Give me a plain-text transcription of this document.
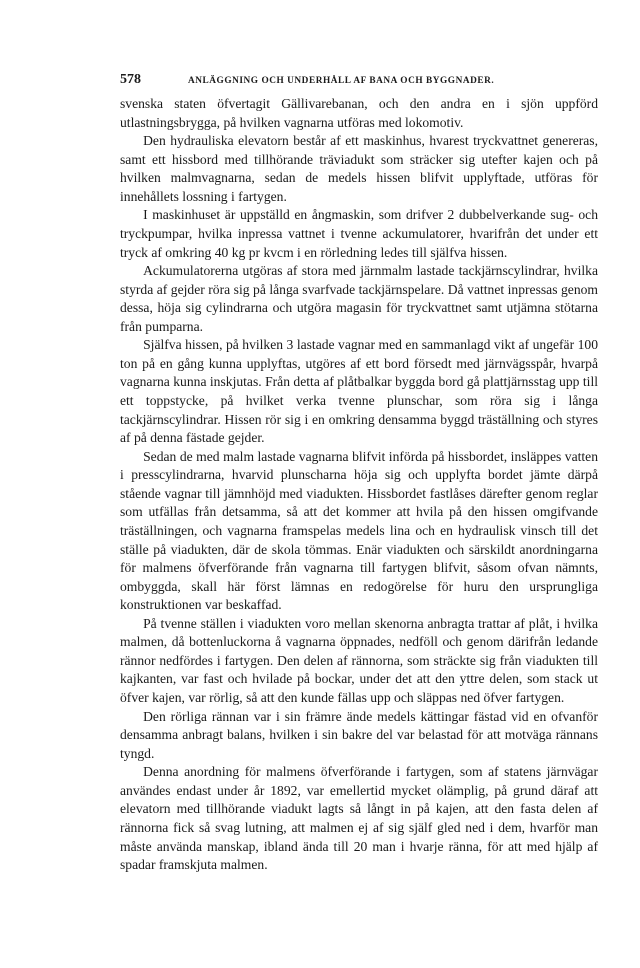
578	ANLÄGGNING OCH UNDERHÅLL AF BANA OCH BYGGNADER.

svenska staten öfvertagit Gällivarebanan, och den andra en i sjön uppförd utlastningsbrygga, på hvilken vagnarna utföras med lokomotiv.

Den hydrauliska elevatorn består af ett maskinhus, hvarest tryckvattnet genereras, samt ett hissbord med tillhörande träviadukt som sträcker sig utefter kajen och på hvilken malmvagnarna, sedan de medels hissen blifvit upplyftade, utföras för innehållets lossning i fartygen.

I maskinhuset är uppställd en ångmaskin, som drifver 2 dubbelverkande sug- och tryckpumpar, hvilka inpressa vattnet i tvenne ackumulatorer, hvarifrån det under ett tryck af omkring 40 kg pr kvcm i en rörledning ledes till själfva hissen.

Ackumulatorerna utgöras af stora med järnmalm lastade tackjärnscylindrar, hvilka styrda af gejder röra sig på långa svarfvade tackjärnspelare. Då vattnet inpressas genom dessa, höja sig cylindrarna och utgöra magasin för tryckvattnet samt utjämna stötarna från pumparna.

Själfva hissen, på hvilken 3 lastade vagnar med en sammanlagd vikt af ungefär 100 ton på en gång kunna upplyftas, utgöres af ett bord försedt med järnvägsspår, hvarpå vagnarna kunna inskjutas. Från detta af plåtbalkar byggda bord gå plattjärnsstag upp till ett toppstycke, på hvilket verka tvenne plunschar, som röra sig i långa tackjärnscylindrar. Hissen rör sig i en omkring densamma byggd träställning och styres af på denna fästade gejder.

Sedan de med malm lastade vagnarna blifvit införda på hissbordet, insläppes vatten i presscylindrarna, hvarvid plunscharna höja sig och upplyfta bordet jämte därpå stående vagnar till jämnhöjd med viadukten. Hissbordet fastlåses därefter genom reglar som utfällas från detsamma, så att det kommer att hvila på den hissen omgifvande träställningen, och vagnarna framspelas medels lina och en hydraulisk vinsch till det ställe på viadukten, där de skola tömmas. Enär viadukten och särskildt anordningarna för malmens öfverförande från vagnarna till fartygen blifvit, såsom ofvan nämnts, ombyggda, skall här först lämnas en redogörelse för huru den ursprungliga konstruktionen var beskaffad.

På tvenne ställen i viadukten voro mellan skenorna anbragta trattar af plåt, i hvilka malmen, då bottenluckorna å vagnarna öppnades, nedföll och genom därifrån ledande rännor nedfördes i fartygen. Den delen af rännorna, som sträckte sig från viadukten till kajkanten, var fast och hvilade på bockar, under det att den yttre delen, som stack ut öfver kajen, var rörlig, så att den kunde fällas upp och släppas ned öfver fartygen.

Den rörliga rännan var i sin främre ände medels kättingar fästad vid en ofvanför densamma anbragt balans, hvilken i sin bakre del var belastad för att motväga rännans tyngd.

Denna anordning för malmens öfverförande i fartygen, som af statens järnvägar användes endast under år 1892, var emellertid mycket olämplig, på grund däraf att elevatorn med tillhörande viadukt lagts så långt in på kajen, att den fasta delen af rännorna fick så svag lutning, att malmen ej af sig själf gled ned i dem, hvarför man måste använda manskap, ibland ända till 20 man i hvarje ränna, för att med hjälp af spadar framskjuta malmen.
